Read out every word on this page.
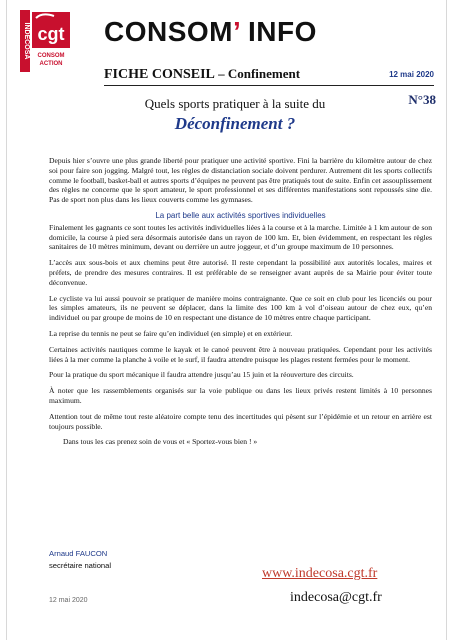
INDECOSA cgt
CONSOM
ACTION
CONSOM’ INFO
FICHE CONSEIL – Confinement	12 mai 2020
N°38
Quels sports pratiquer à la suite du
Déconfinement ?

Depuis hier s’ouvre une plus grande liberté pour pratiquer une activité sportive. Fini la barrière du kilomètre autour de chez soi pour faire son jogging. Malgré tout, les règles de distanciation sociale doivent perdurer. Autrement dit les sports collectifs comme le football, basket-ball et autres sports d’équipes ne peuvent pas être pratiqués tout de suite. Enfin cet assouplissement des règles ne concerne que le sport amateur, le sport professionnel et ses différentes manifestations sont repoussés sine die. Pas de sport non plus dans les lieux couverts comme les gymnases.

La part belle aux activités sportives individuelles

Finalement les gagnants ce sont toutes les activités individuelles liées à la course et à la marche. Limitée à 1 km autour de son domicile, la course à pied sera désormais autorisée dans un rayon de 100 km. Et, bien évidemment, en respectant les règles sanitaires de 10 mètres minimum, devant ou derrière un autre joggeur, et d’un groupe maximum de 10 personnes.

L’accès aux sous-bois et aux chemins peut être autorisé. Il reste cependant la possibilité aux autorités locales, maires et préfets, de prendre des mesures contraires. Il est préférable de se renseigner avant auprès de sa Mairie pour éviter toute déconvenue.

Le cycliste va lui aussi pouvoir se pratiquer de manière moins contraignante. Que ce soit en club pour les licenciés ou pour les simples amateurs, ils ne peuvent se déplacer, dans la limite des 100 km à vol d’oiseau autour de chez eux, qu’en individuel ou par groupe de moins de 10 en respectant une distance de 10 mètres entre chaque participant.

La reprise du tennis ne peut se faire qu’en individuel (en simple) et en extérieur.

Certaines activités nautiques comme le kayak et le canoé peuvent être à nouveau pratiquées. Cependant pour les activités liées à la mer comme la planche à voile et le surf, il faudra attendre puisque les plages restent fermées pour le moment.

Pour la pratique du sport mécanique il faudra attendre jusqu’au 15 juin et la réouverture des circuits.

À noter que les rassemblements organisés sur la voie publique ou dans les lieux privés restent limités à 10 personnes maximum.

Attention tout de même tout reste aléatoire compte tenu des incertitudes qui pèsent sur l’épidémie et un retour en arrière est toujours possible.

Dans tous les cas prenez soin de vous et « Sportez-vous bien ! »

Arnaud FAUCON
secrétaire national
12 mai 2020
www.indecosa.cgt.fr
indecosa@cgt.fr
